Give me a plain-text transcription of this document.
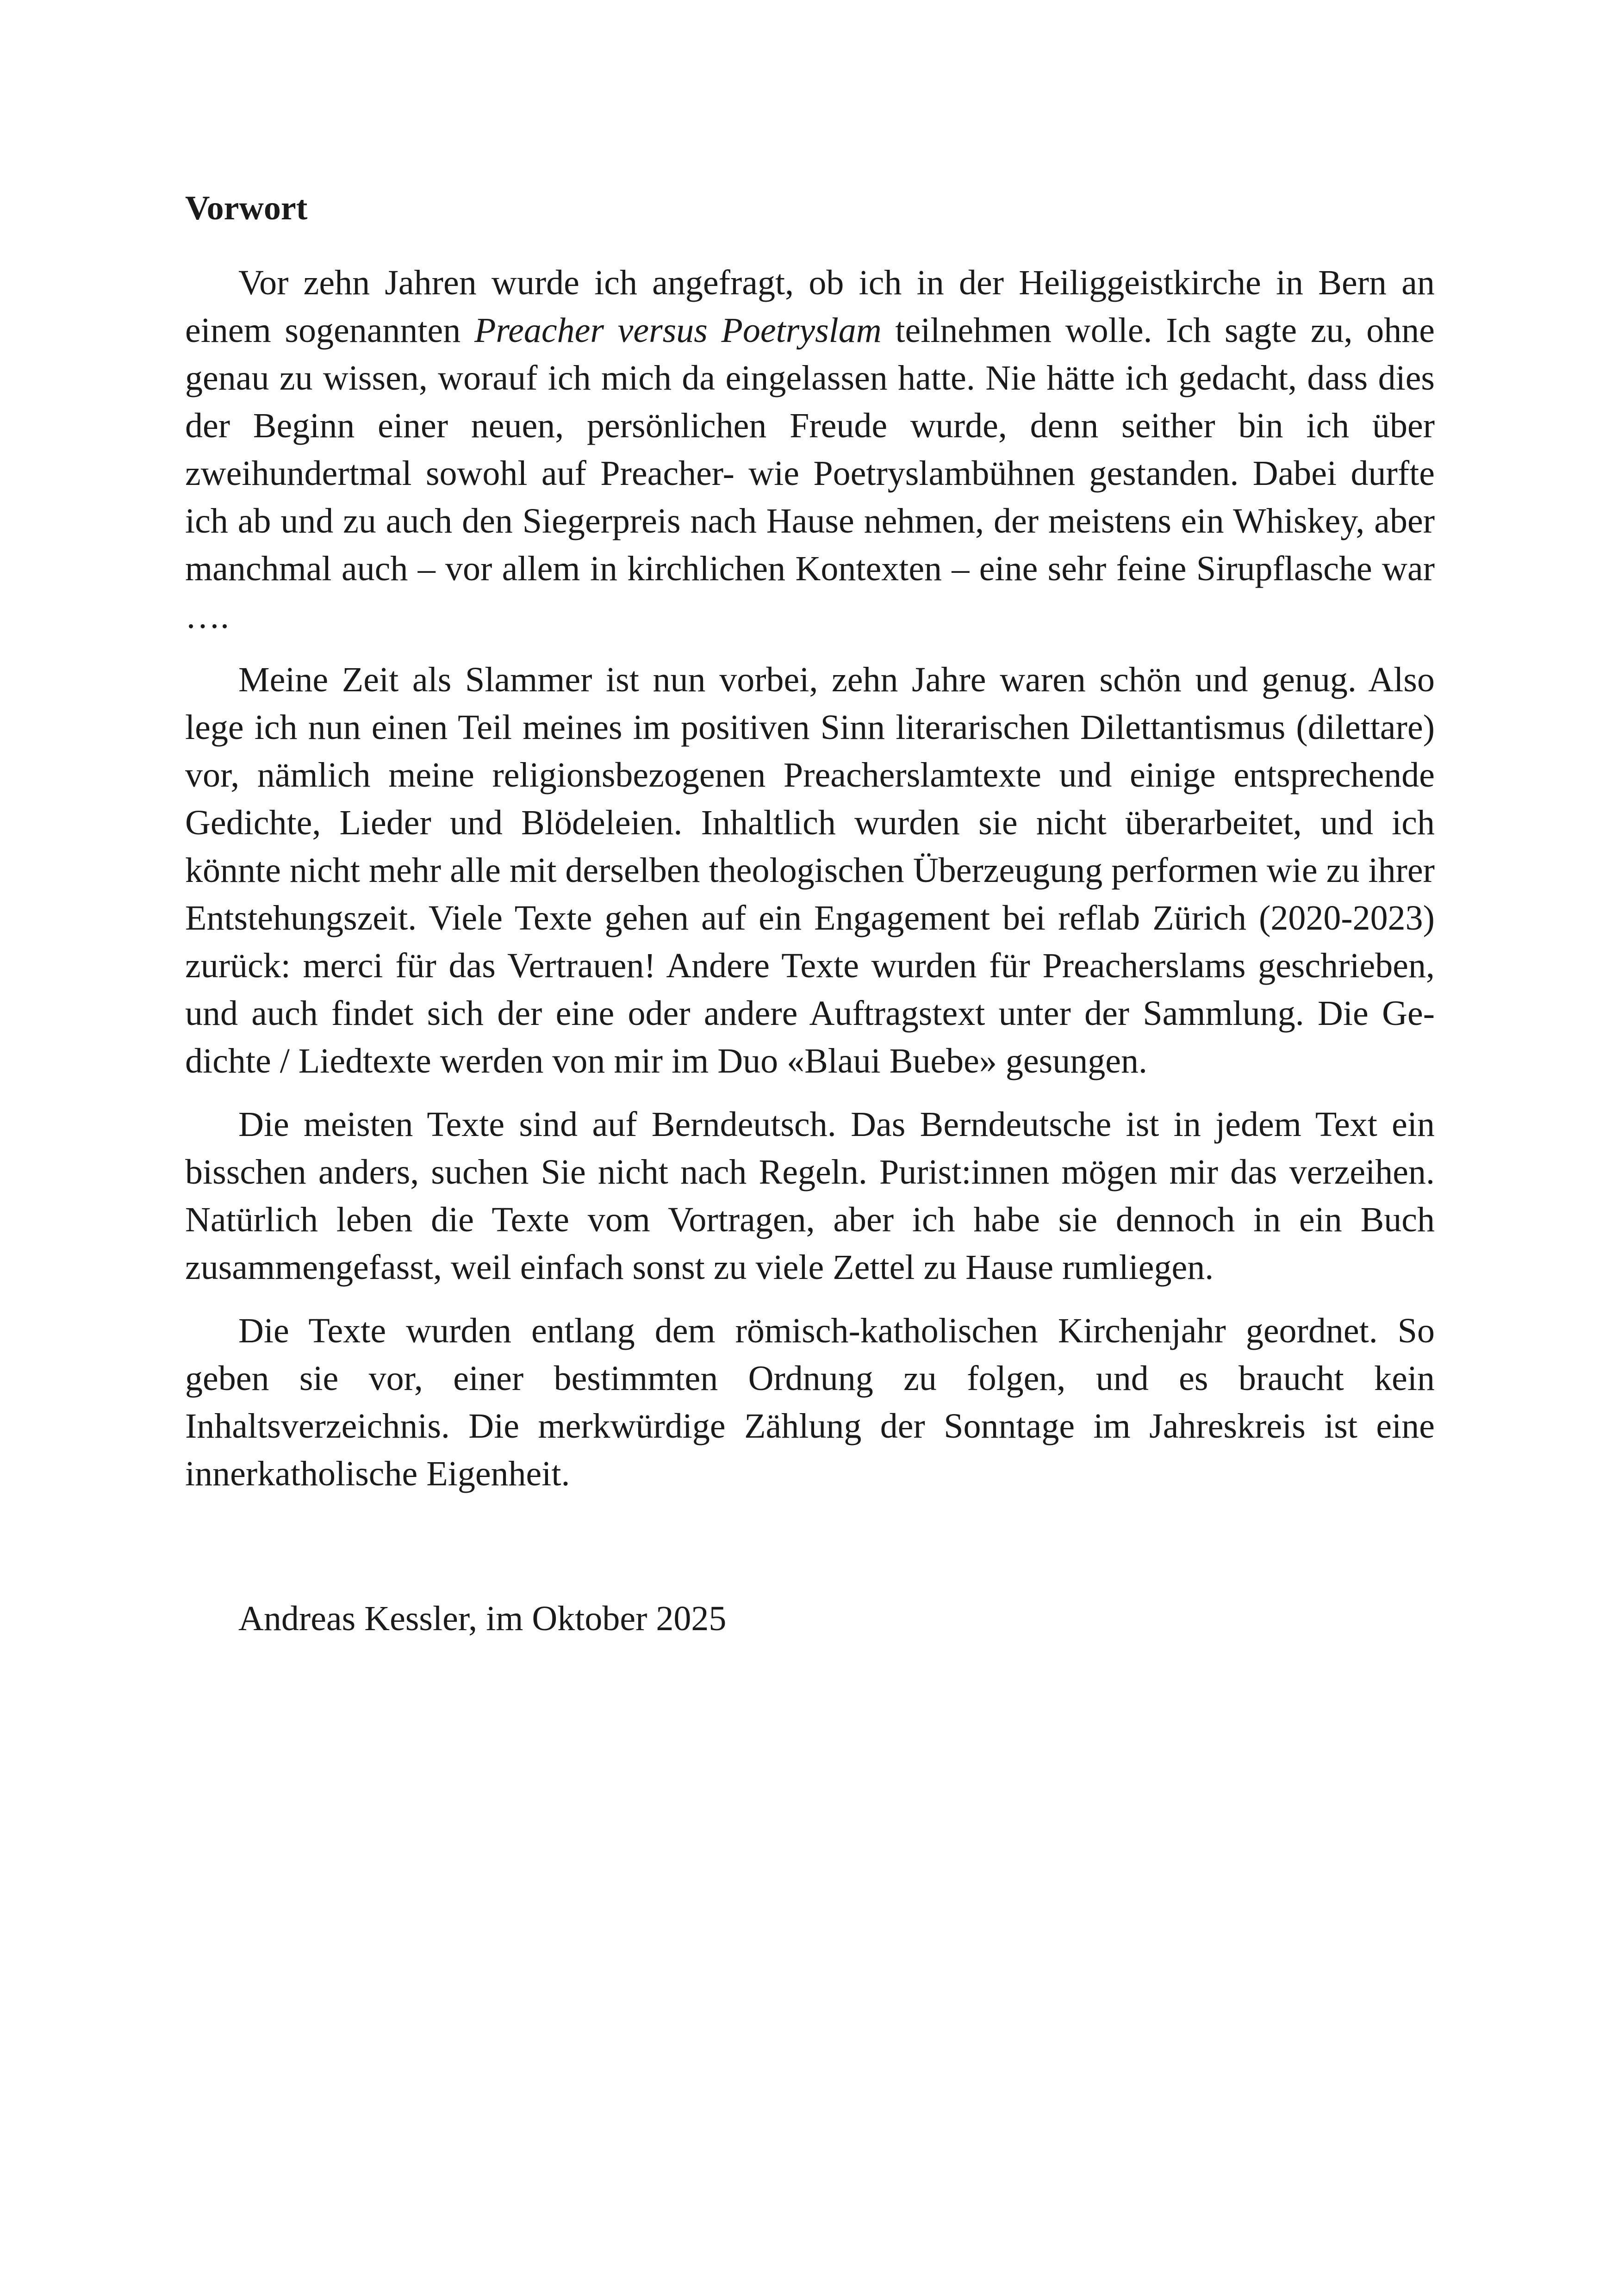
Vorwort

Vor zehn Jahren wurde ich angefragt, ob ich in der Heiliggeistkirche in Bern an einem sogenannten Preacher versus Poetryslam teilnehmen wolle. Ich sagte zu, ohne genau zu wissen, worauf ich mich da eingelassen hatte. Nie hätte ich gedacht, dass dies der Beginn einer neuen, persönlichen Freude wurde, denn seither bin ich über zweihundertmal sowohl auf Preacher- wie Poetryslambühnen gestanden. Dabei durfte ich ab und zu auch den Siegerpreis nach Hause nehmen, der meistens ein Whiskey, aber manchmal auch – vor allem in kirchlichen Kontexten – eine sehr feine Sirupflasche war ….

Meine Zeit als Slammer ist nun vorbei, zehn Jahre waren schön und genug. Also lege ich nun einen Teil meines im positiven Sinn literarischen Dilettantismus (dilettare) vor, nämlich meine religionsbezogenen Preacherslamtexte und einige entsprechende Gedichte, Lieder und Blödeleien. Inhaltlich wurden sie nicht überarbeitet, und ich könnte nicht mehr alle mit derselben theologischen Überzeugung performen wie zu ihrer Entstehungszeit. Viele Texte gehen auf ein Engagement bei reflab Zürich (2020-2023) zurück: merci für das Vertrauen! Andere Texte wurden für Preacherslams geschrieben, und auch findet sich der eine oder andere Auftragstext unter der Sammlung. Die Gedichte / Liedtexte werden von mir im Duo «Blaui Buebe» gesungen.

Die meisten Texte sind auf Berndeutsch. Das Berndeutsche ist in jedem Text ein bisschen anders, suchen Sie nicht nach Regeln. Purist:innen mögen mir das verzeihen. Natürlich leben die Texte vom Vortragen, aber ich habe sie dennoch in ein Buch zusammengefasst, weil einfach sonst zu viele Zettel zu Hause rumliegen.

Die Texte wurden entlang dem römisch-katholischen Kirchenjahr geordnet. So geben sie vor, einer bestimmten Ordnung zu folgen, und es braucht kein Inhaltsverzeichnis. Die merkwürdige Zählung der Sonntage im Jahreskreis ist eine innerkatholische Eigenheit.

Andreas Kessler, im Oktober 2025
